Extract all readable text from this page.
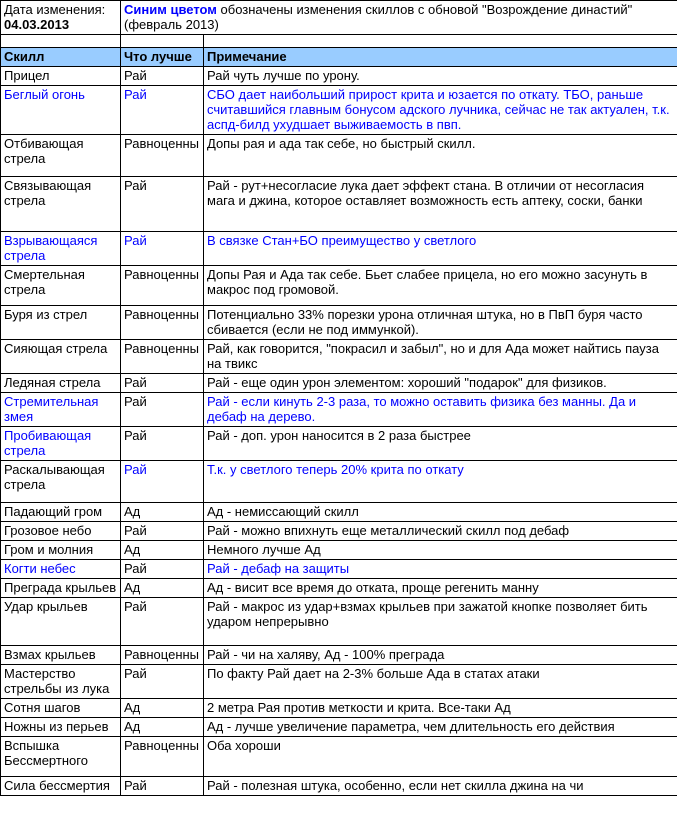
Дата изменения:
04.03.2013	Синим цветом обозначены изменения скиллов с обновой "Возрождение династий" (февраль 2013)	

Скилл	Что лучше	Примечание
Прицел	Рай	Рай чуть лучше по урону.
Беглый огонь	Рай	СБО дает наибольший прирост крита и юзается по откату. ТБО, раньше считавшийся главным бонусом адского лучника, сейчас не так актуален, т.к. аспд-билд ухудшает выживаемость в пвп.
Отбивающая стрела	Равноценны	Допы рая и ада так себе, но быстрый скилл.
Связывающая стрела	Рай	Рай - рут+несогласие лука дает эффект стана. В отличии от несогласия мага и джина, которое оставляет возможность есть аптеку, соски, банки
Взрывающаяся стрела	Рай	В связке Стан+БО преимущество у светлого
Смертельная стрела	Равноценны	Допы Рая и Ада так себе. Бьет слабее прицела, но его можно засунуть в макрос под громовой.
Буря из стрел	Равноценны	Потенциально 33% порезки урона отличная штука, но в ПвП буря часто сбивается (если не под иммункой).
Сияющая стрела	Равноценны	Рай, как говорится, "покрасил и забыл", но и для Ада может найтись пауза на твикс
Ледяная стрела	Рай	Рай - еще один урон элементом: хороший "подарок" для физиков.
Стремительная змея	Рай	Рай - если кинуть 2-3 раза, то можно оставить физика без манны. Да и дебаф на дерево.
Пробивающая стрела	Рай	Рай - доп. урон наносится в 2 раза быстрее
Раскалывающая стрела	Рай	Т.к. у светлого теперь 20% крита по откату
Падающий гром	Ад	Ад - немиссающий скилл
Грозовое небо	Рай	Рай - можно впихнуть еще металлический скилл под дебаф
Гром и молния	Ад	Немного лучше Ад
Когти небес	Рай	Рай - дебаф на защиты
Преграда крыльев	Ад	Ад - висит все время до отката, проще регенить манну
Удар крыльев	Рай	Рай - макрос из удар+взмах крыльев при зажатой кнопке позволяет бить ударом непрерывно
Взмах крыльев	Равноценны	Рай - чи на халяву, Ад - 100% преграда
Мастерство стрельбы из лука	Рай	По факту Рай дает на 2-3% больше Ада в статах атаки
Сотня шагов	Ад	2 метра Рая против меткости и крита. Все-таки Ад
Ножны из перьев	Ад	Ад - лучше увеличение параметра, чем длительность его действия
Вспышка Бессмертного	Равноценны	Оба хороши
Сила бессмертия	Рай	Рай - полезная штука, особенно, если нет скилла джина на чи
